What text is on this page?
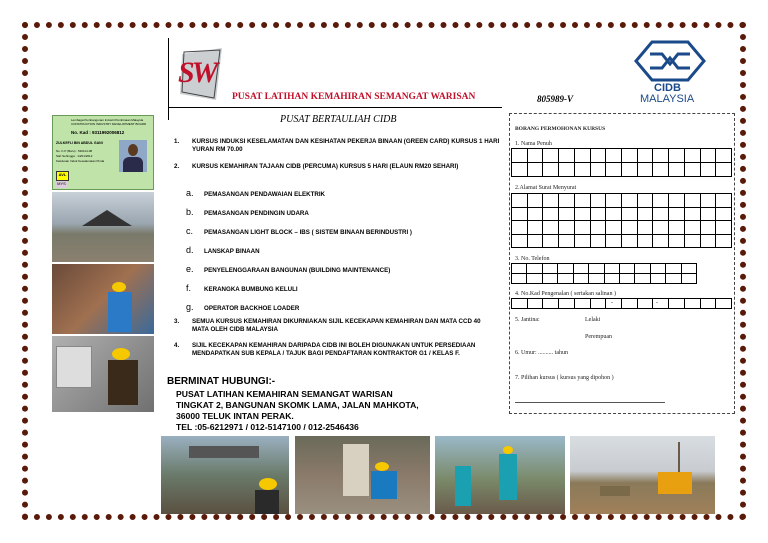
SW
PUSAT LATIHAN KEMAHIRAN SEMANGAT WARISAN	805989-V
PUSAT BERTAULIAH CIDB
CIDB
MALAYSIA
Lembaga Pembangunan Industri Pembinaan Malaysia
CONSTRUCTION INDUSTRY DEVELOPMENT BOARD
No. Kad : 9311992006812
ZULKEFLI BIN ABDUL GANI
No. K.P (Baru) : 520114-08
Sah Sehingga : 14/01/2012
Kelulusan Induk Keselamatan Pinda
AVL
MYS
1. KURSUS INDUKSI KESELAMATAN DAN KESIHATAN PEKERJA BINAAN (GREEN CARD) KURSUS 1 HARI YURAN RM 70.00
2. KURSUS KEMAHIRAN TAJAAN CIDB (PERCUMA) KURSUS 5 HARI (ELAUN RM20 SEHARI)
a. PEMASANGAN PENDAWAIAN ELEKTRIK
b. PEMASANGAN PENDINGIN UDARA
c. PEMASANGAN LIGHT BLOCK – IBS ( SISTEM BINAAN BERINDUSTRI )
d. LANSKAP BINAAN
e. PENYELENGGARAAN BANGUNAN (BUILDING MAINTENANCE)
f. KERANGKA BUMBUNG KELULI
g. OPERATOR BACKHOE LOADER
3. SEMUA KURSUS KEMAHIRAN DIKURNIAKAN SIJIL KECEKAPAN KEMAHIRAN DAN MATA CCD 40 MATA OLEH CIDB MALAYSIA
4. SIJIL KECEKAPAN KEMAHIRAN DARIPADA CIDB INI BOLEH DIGUNAKAN UNTUK PERSEDIAAN MENDAPATKAN SUB KEPALA / TAJUK BAGI PENDAFTARAN KONTRAKTOR G1 / KELAS F.
BERMINAT HUBUNGI:-
PUSAT LATIHAN KEMAHIRAN SEMANGAT WARISAN
TINGKAT 2, BANGUNAN SKOMK LAMA, JALAN MAHKOTA,
36000 TELUK INTAN PERAK.
TEL :05-6212971 / 012-5147100 / 012-2546436
BORANG PERMOHONAN KURSUS
1. Nama Penuh
2.Alamat Surat Menyurat
3. No. Telefon
4. No.Kad Pengenalan ( sertakan salinan )
-	-
5. Jantina:	Lelaki
Perempuan
6. Umur: .......... tahun
7. Pilihan kursus ( kursus yang dipohon )
